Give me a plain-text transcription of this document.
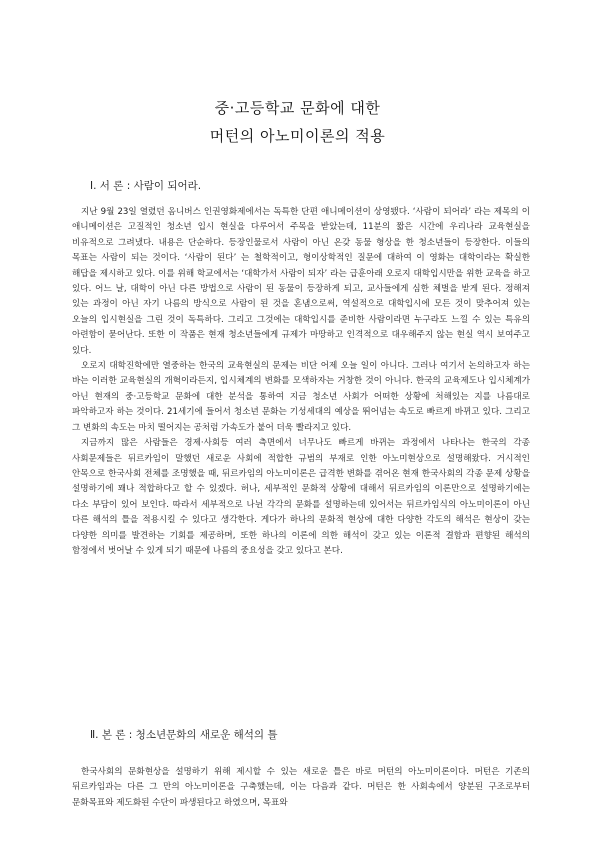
중·고등학교 문화에 대한
머턴의 아노미이론의 적용
Ⅰ. 서 론 : 사람이 되어라.

지난 9월 23일 열렸던 옴니버스 인권영화제에서는 독특한 단편 애니메이션이 상영됐다. ‘사람이 되어라’ 라는 제목의 이 애니메이션은 고질적인 청소년 입시 현실을 다루어서 주목을 받았는데, 11분의 짧은 시간에 우리나라 교육현실을 비유적으로 그려냈다. 내용은 단순하다. 등장인물로서 사람이 아닌 온갖 동물 형상을 한 청소년들이 등장한다. 이들의 목표는 사람이 되는 것이다. ‘사람이 된다’ 는 철학적이고, 형이상학적인 질문에 대하여 이 영화는 대학이라는 확실한 해답을 제시하고 있다. 이를 위해 학교에서는 ‘대학가서 사람이 되자’ 라는 급훈아래 오로지 대학입시만을 위한 교육을 하고 있다. 어느 날, 대학이 아닌 다른 방법으로 사람이 된 동물이 등장하게 되고, 교사들에게 심한 체벌을 받게 된다. 정해져 있는 과정이 아닌 자기 나름의 방식으로 사람이 된 것을 혼냄으로써, 역설적으로 대학입시에 모든 것이 맞추어져 있는 오늘의 입시현실을 그린 것이 독특하다. 그리고 그것에는 대학입시를 준비한 사람이라면 누구라도 느낄 수 있는 특유의 아련함이 묻어난다. 또한 이 작품은 현재 청소년들에게 규제가 마땅하고 인격적으로 대우해주지 않는 현실 역시 보여주고 있다.

오로지 대학진학에만 열중하는 한국의 교육현실의 문제는 비단 어제 오늘 일이 아니다. 그러나 여기서 논의하고자 하는 바는 이러한 교육현실의 개혁이라든지, 입시체계의 변화를 모색하자는 거창한 것이 아니다. 한국의 교육제도나 입시체계가 아닌 현재의 중·고등학교 문화에 대한 분석을 통하여 지금 청소년 사회가 어떠한 상황에 처해있는 지를 나름대로 파악하고자 하는 것이다. 21세기에 들어서 청소년 문화는 기성세대의 예상을 뛰어넘는 속도로 빠르게 바뀌고 있다. 그리고 그 변화의 속도는 마치 떨어지는 공처럼 가속도가 붙어 더욱 빨라지고 있다.

지금까지 많은 사람들은 경제·사회등 여러 측면에서 너무나도 빠르게 바뀌는 과정에서 나타나는 한국의 각종 사회문제들은 뒤르카임이 말했던 새로운 사회에 적합한 규범의 부재로 인한 아노미현상으로 설명해왔다. 거시적인 안목으로 한국사회 전체를 조명했을 때, 뒤르카임의 아노미이론은 급격한 변화를 겪어온 현재 한국사회의 각종 문제 상황을 설명하기에 꽤나 적합하다고 할 수 있겠다. 허나, 세부적인 문화적 상황에 대해서 뒤르카임의 이론만으로 설명하기에는 다소 부담이 있어 보인다. 따라서 세부적으로 나뉜 각각의 문화를 설명하는데 있어서는 뒤르카임식의 아노미이론이 아닌 다른 해석의 틀을 적용시킬 수 있다고 생각한다. 게다가 하나의 문화적 현상에 대한 다양한 각도의 해석은 현상이 갖는 다양한 의미를 발견하는 기회를 제공하며, 또한 하나의 이론에 의한 해석이 갖고 있는 이론적 결함과 편향된 해석의 함정에서 벗어날 수 있게 되기 때문에 나름의 중요성을 갖고 있다고 본다.

Ⅱ. 본 론 : 청소년문화의 새로운 해석의 틀

한국사회의 문화현상을 설명하기 위해 제시할 수 있는 새로운 틀은 바로 머턴의 아노미이론이다. 머턴은 기존의 뒤르카임과는 다른 그 만의 아노미이론을 구축했는데, 이는 다음과 같다. 머턴은 한 사회속에서 양분된 구조로부터 문화목표와 제도화된 수단이 파생된다고 하였으며, 목표와
